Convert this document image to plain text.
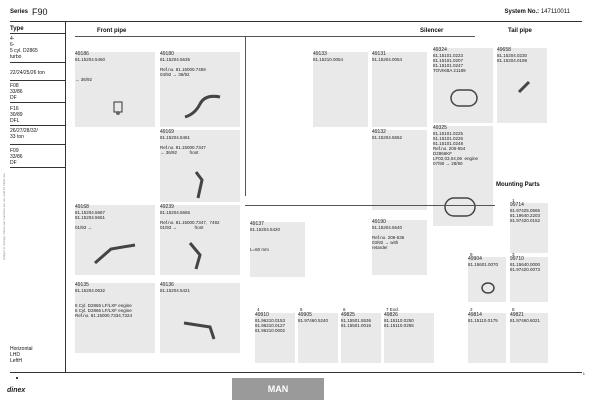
Subject to change. Dinex part numbers are not valid for OEM use.
Series F90	System No.: 147110011
Type
4-
6-
5 cyl. D2865
turbo
22/24/25/26 ton
F08
33/86
DF
F16
30/89
DFL
26/27/28/32/
33 ton
F09
33/86
DF
Front pipe	Silencer	Tail pipe
Mounting Parts
49186
81.15204.5460

→ 36/92
49180
81.15204.5635

Ref.no. 81.15000.7459
04/92 → 36/92
49169
81.15204.5461

Ref.no. 81.15000.7347
→ 36/92          front
49168
81.15204.5667
81.15204.5661

01/93 →
49239
81.15204.5665

Ref.no. 81.15000.7347,  7492
01/93 →              front
49135
81.15204.0632

5 Cyl. D2865 LF/LXF engine
6 Cyl. D2866 LF/LXF engine
Ref.no. 81.15000.7334,7324
49136
81.15204.5421
49137
81.15204.5420

L=60 mm
49133
81.15210.0054
49131
81.15204.0054
49132
81.15204.5652
49190
81.15204.5640

Ref.no. 206-536
03/92 → with
retarder
49324
81.15101.0223
81.15101.0207
81.15101.0247
TOVIKBA 21189
49325
81.15101.0225
81.15101.0226
81.15101.0248
Ref.no. 206-554
D2866KF
LF02,03,04,06  engine
07/90 → 28/90
49658
81.15204.0230
81.15204.0198
99714
81.97425.0565
81.19640.2203
81.97420.0152
99710
81.15640.0000
81.97420.0073
49904
81.15601.0070
49910
81.96210.0153
81.96210.0127
81.96210.0002
49905
81.97460.5240
49825
81.15501.5536
81.15501.0016
49826
81.15110.0250
81.15110.0255
49814
81.15110.0175
49821
81.97460.6021
4	5	6	7 Excl.	2	8
1
3
9
Horizontal
LHD
LeftH
dinex	MAN
1
